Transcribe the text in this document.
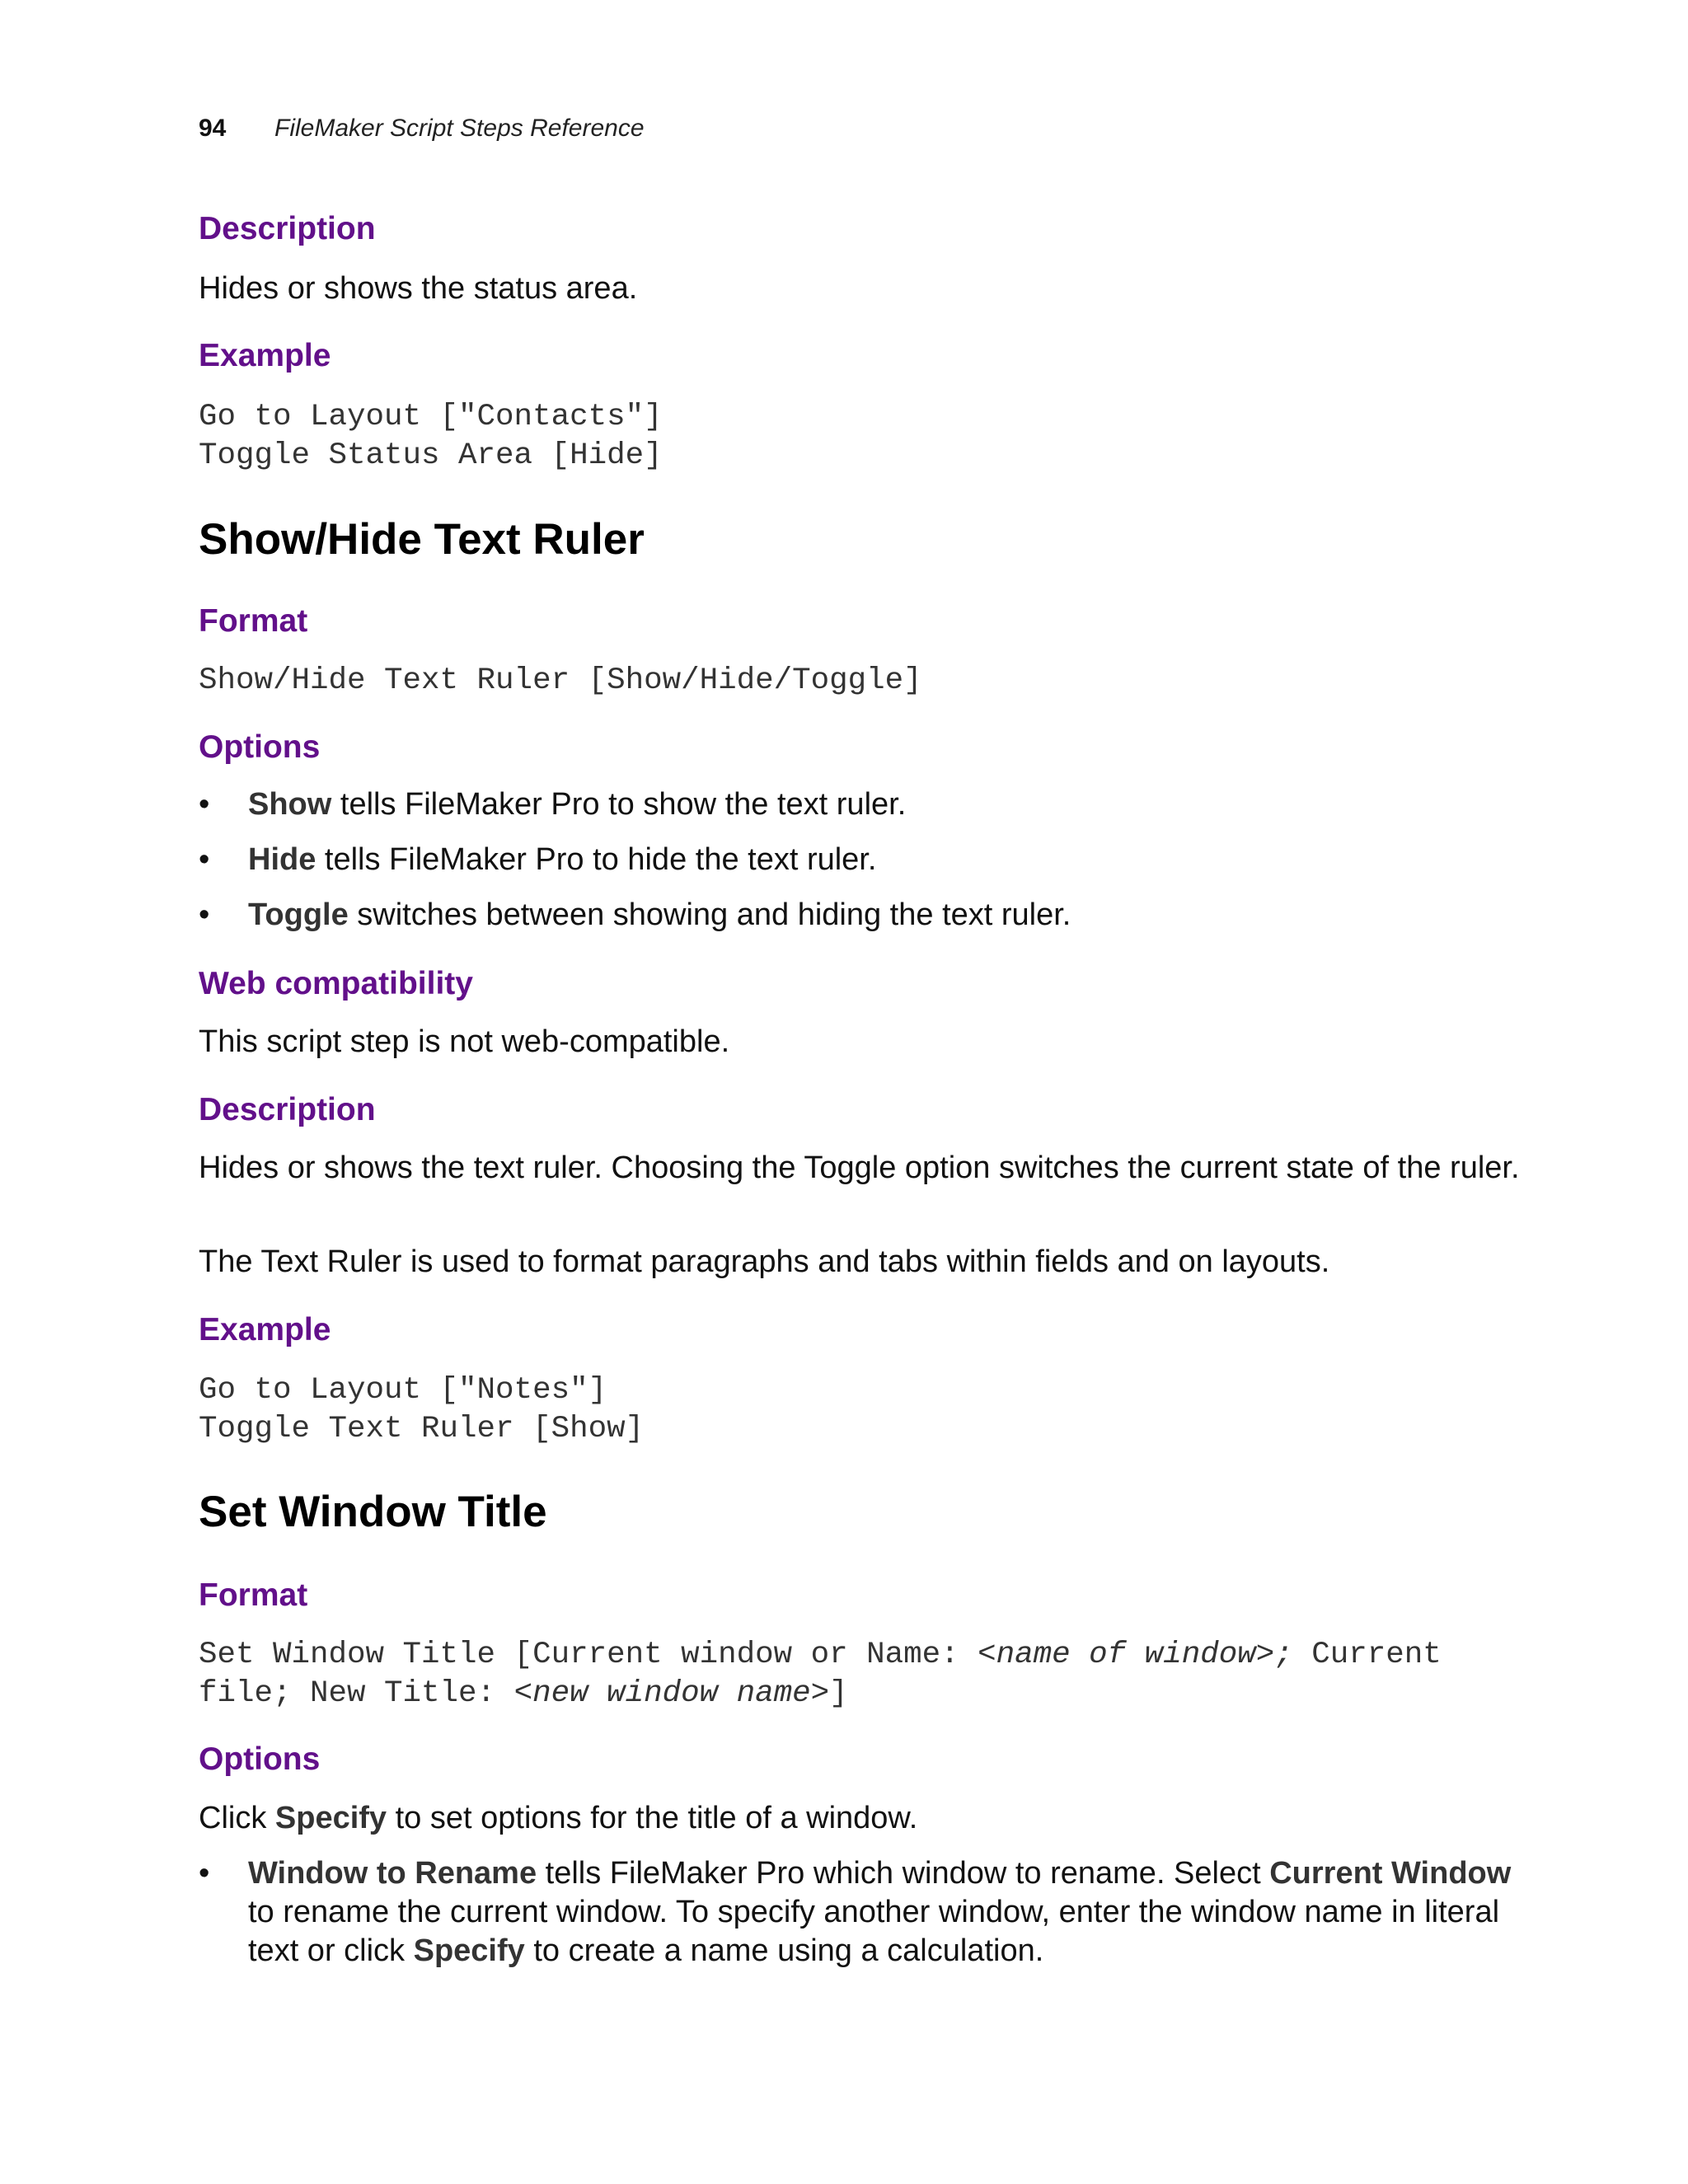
94	FileMaker Script Steps Reference
Description

Hides or shows the status area.

Example
Go to Layout ["Contacts"]
Toggle Status Area [Hide]
Show/Hide Text Ruler
Format
Show/Hide Text Ruler [Show/Hide/Toggle]
Options
• Show tells FileMaker Pro to show the text ruler.
• Hide tells FileMaker Pro to hide the text ruler.
• Toggle switches between showing and hiding the text ruler.
Web compatibility

This script step is not web-compatible.

Description

Hides or shows the text ruler. Choosing the Toggle option switches the current state of the ruler.

The Text Ruler is used to format paragraphs and tabs within fields and on layouts.

Example
Go to Layout ["Notes"]
Toggle Text Ruler [Show]
Set Window Title
Format
Set Window Title [Current window or Name: <name of window>; Current file; New Title: <new window name>]
Options

Click Specify to set options for the title of a window.

• Window to Rename tells FileMaker Pro which window to rename. Select Current Window to rename the current window. To specify another window, enter the window name in literal text or click Specify to create a name using a calculation.
